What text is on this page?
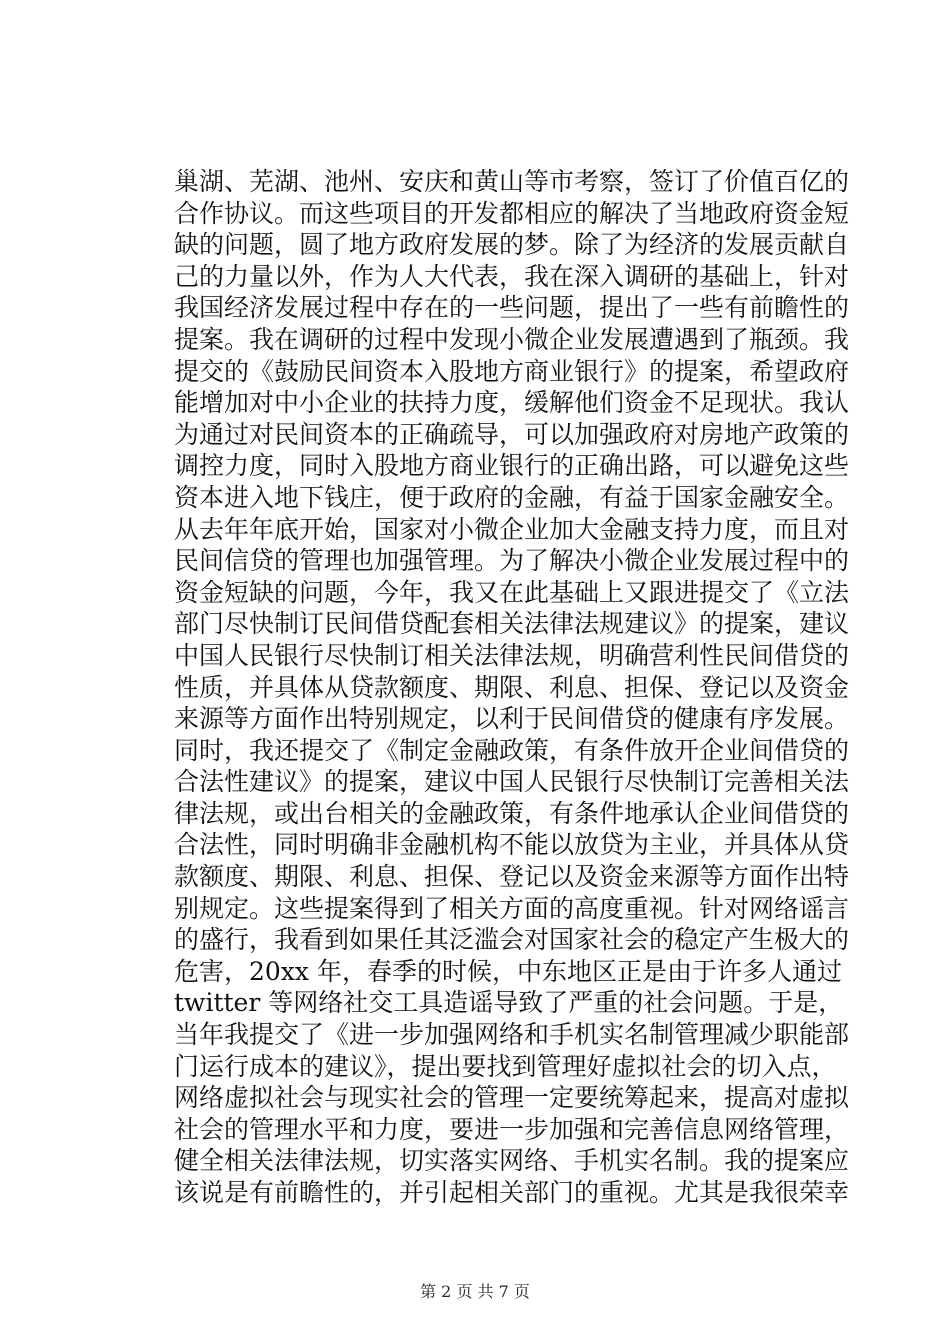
巢湖、芜湖、池州、安庆和黄山等市考察，签订了价值百亿的
合作协议。而这些项目的开发都相应的解决了当地政府资金短
缺的问题，圆了地方政府发展的梦。除了为经济的发展贡献自
己的力量以外，作为人大代表，我在深入调研的基础上，针对
我国经济发展过程中存在的一些问题，提出了一些有前瞻性的
提案。我在调研的过程中发现小微企业发展遭遇到了瓶颈。我
提交的《鼓励民间资本入股地方商业银行》的提案，希望政府
能增加对中小企业的扶持力度，缓解他们资金不足现状。我认
为通过对民间资本的正确疏导，可以加强政府对房地产政策的
调控力度，同时入股地方商业银行的正确出路，可以避免这些
资本进入地下钱庄，便于政府的金融，有益于国家金融安全。
从去年年底开始，国家对小微企业加大金融支持力度，而且对
民间信贷的管理也加强管理。为了解决小微企业发展过程中的
资金短缺的问题，今年，我又在此基础上又跟进提交了《立法
部门尽快制订民间借贷配套相关法律法规建议》的提案，建议
中国人民银行尽快制订相关法律法规，明确营利性民间借贷的
性质，并具体从贷款额度、期限、利息、担保、登记以及资金
来源等方面作出特别规定，以利于民间借贷的健康有序发展。
同时，我还提交了《制定金融政策，有条件放开企业间借贷的
合法性建议》的提案，建议中国人民银行尽快制订完善相关法
律法规，或出台相关的金融政策，有条件地承认企业间借贷的
合法性，同时明确非金融机构不能以放贷为主业，并具体从贷
款额度、期限、利息、担保、登记以及资金来源等方面作出特
别规定。这些提案得到了相关方面的高度重视。针对网络谣言
的盛行，我看到如果任其泛滥会对国家社会的稳定产生极大的
危害，20xx 年，春季的时候，中东地区正是由于许多人通过
twitter 等网络社交工具造谣导致了严重的社会问题。于是，
当年我提交了《进一步加强网络和手机实名制管理减少职能部
门运行成本的建议》，提出要找到管理好虚拟社会的切入点，
网络虚拟社会与现实社会的管理一定要统筹起来，提高对虚拟
社会的管理水平和力度，要进一步加强和完善信息网络管理，
健全相关法律法规，切实落实网络、手机实名制。我的提案应
该说是有前瞻性的，并引起相关部门的重视。尤其是我很荣幸
第 2 页 共 7 页
